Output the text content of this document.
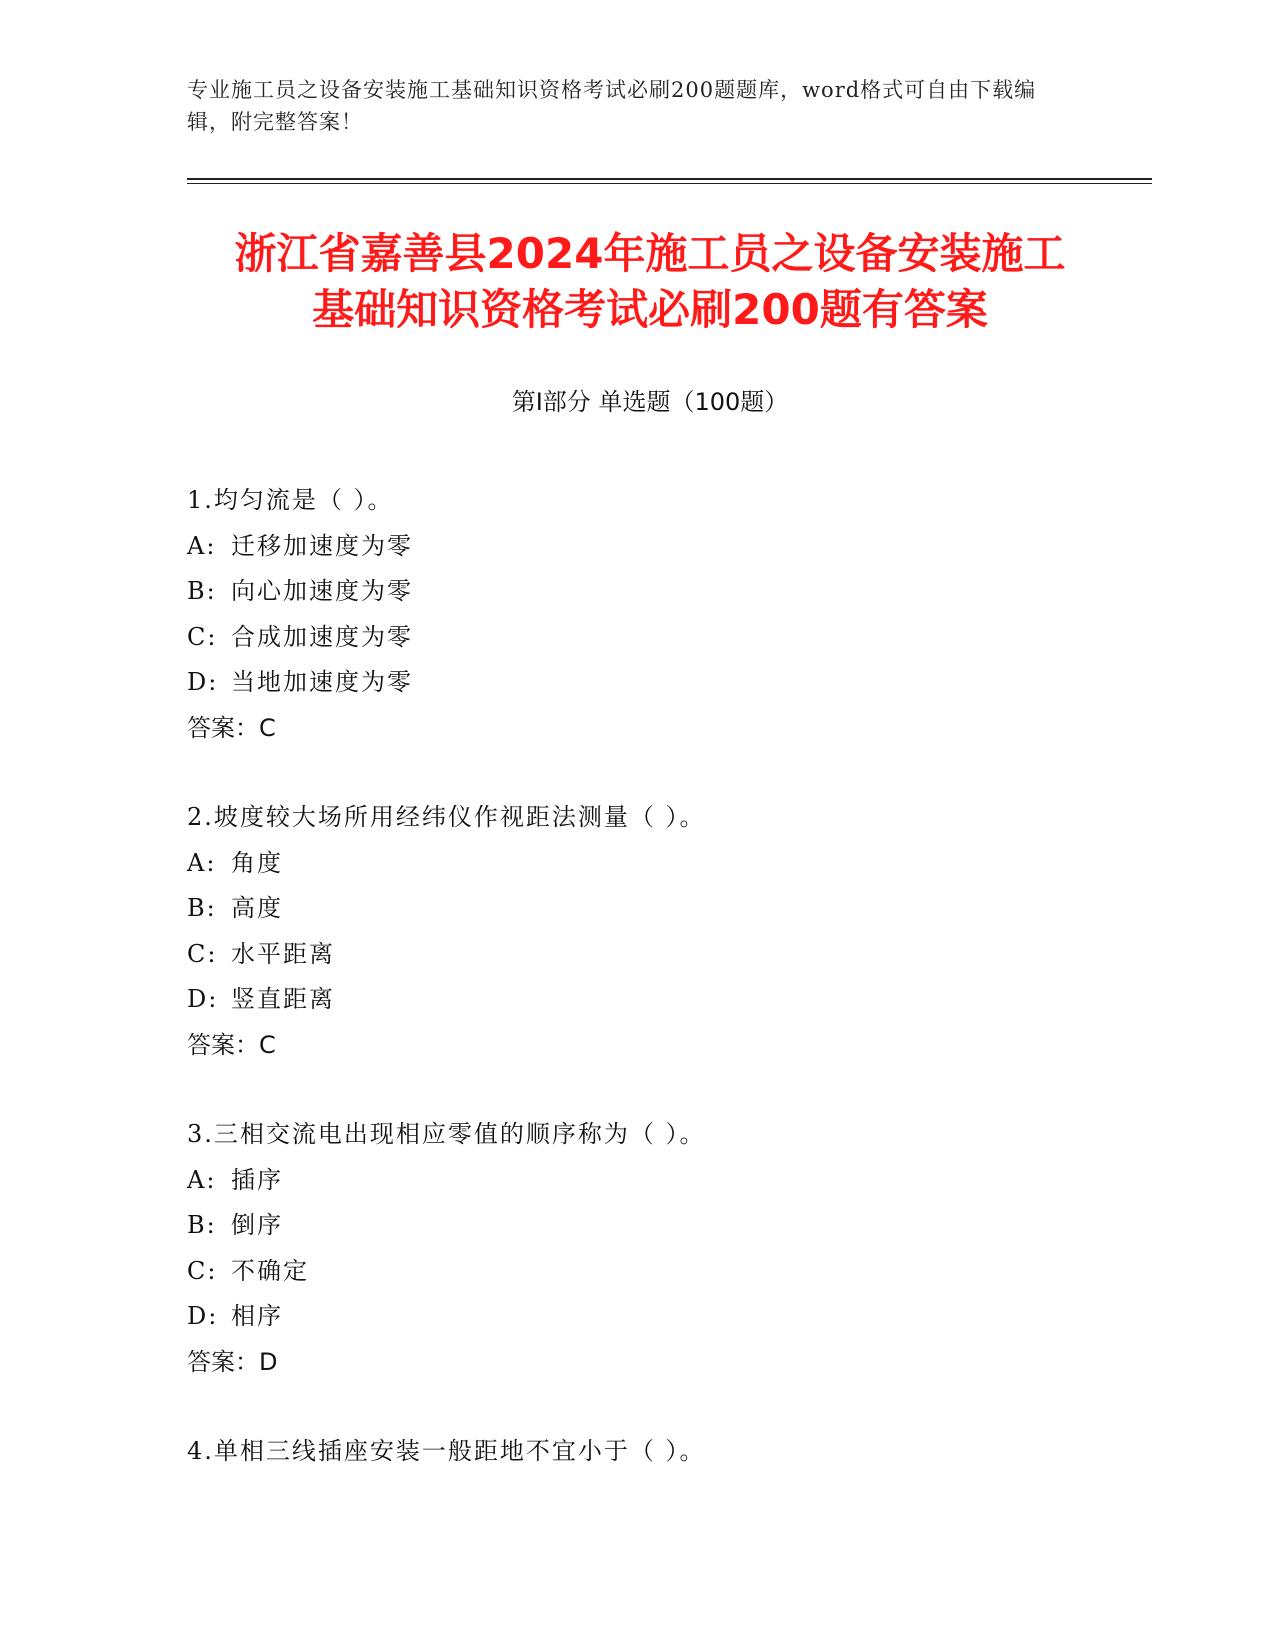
专业施工员之设备安装施工基础知识资格考试必刷200题题库，word格式可自由下载编辑，附完整答案！
浙江省嘉善县2024年施工员之设备安装施工
基础知识资格考试必刷200题有答案
第Ⅰ部分 单选题（100题）
1.均匀流是（ ）。
A: 迁移加速度为零
B: 向心加速度为零
C: 合成加速度为零
D: 当地加速度为零
答案：C
2.坡度较大场所用经纬仪作视距法测量（ ）。
A: 角度
B: 高度
C: 水平距离
D: 竖直距离
答案：C
3.三相交流电出现相应零值的顺序称为（ ）。
A: 插序
B: 倒序
C: 不确定
D: 相序
答案：D
4.单相三线插座安装一般距地不宜小于（ ）。
